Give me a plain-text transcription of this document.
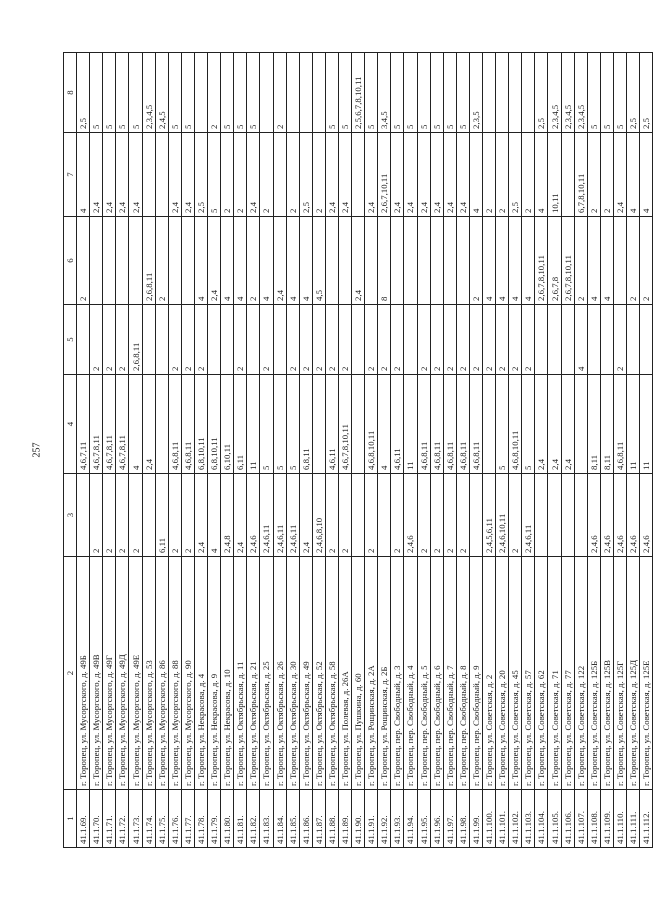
257
1	2	3	4	5	6	7	8
41.1.69.	г. Торопец, ул. Мусоргского, д. 49Б		4,6,7,11		2	4	2,5
41.1.70.	г. Торопец, ул. Мусоргского, д. 49В	2	4,6,7,8,11	2		2,4	5
41.1.71.	г. Торопец, ул. Мусоргского, д. 49Г	2	4,6,7,8,11	2		2,4	5
41.1.72.	г. Торопец, ул. Мусоргского, д. 49Д	2	4,6,7,8,11	2		2,4	5
41.1.73.	г. Торопец, ул. Мусоргского, д. 49Е	2	4	2,6,8,11		2,4	5
41.1.74.	г. Торопец, ул. Мусоргского, д. 53		2,4		2,6,8,11		2,3,4,5
41.1.75.	г. Торопец, ул. Мусоргского, д. 86	6,11			2		2,4,5
41.1.76.	г. Торопец, ул. Мусоргского, д. 88	2	4,6,8,11	2		2,4	5
41.1.77.	г. Торопец, ул. Мусоргского, д. 90	2	4,6,8,11	2		2,4	5
41.1.78.	г. Торопец, ул. Некрасова, д. 4	2,4	6,8,10,11	2	4	2,5	
41.1.79.	г. Торопец, ул. Некрасова, д. 9	4	6,8,10,11		2,4	5	2
41.1.80.	г. Торопец, ул. Некрасова, д. 10	2,4,8	6,10,11		4	2	5
41.1.81.	г. Торопец, ул. Октябрьская, д. 11	2,4	6,11	2	4	2	5
41.1.82.	г. Торопец, ул. Октябрьская, д. 21	2,4,6	11		2	2,4	5
41.1.83.	г. Торопец, ул. Октябрьская, д. 25	2,4,6,11	5	2	4	2	
41.1.84.	г. Торопец, ул. Октябрьская, д. 26	2,4,6,11	5		2,4		2
41.1.85.	г. Торопец, ул. Октябрьская, д. 30	2,4,6,11	5	2	4	2	
41.1.86.	г. Торопец, ул. Октябрьская, д. 49	2,4	6,8,11	2	4	2,5	
41.1.87.	г. Торопец, ул. Октябрьская, д. 52	2,4,6,8,10		2	4,5	2	
41.1.88.	г. Торопец, ул. Октябрьская, д. 58	2	4,6,11	2		2,4	5
41.1.89.	г. Торопец, ул. Полевая, д. 26А	2	4,6,7,8,10,11	2		2,4	5
41.1.90.	г. Торопец, ул. Пушкина, д. 60				2,4		2,5,6,7,8,10,11
41.1.91.	г. Торопец, ул. Рощинская, д. 2А	2	4,6,8,10,11	2		2,4	5
41.1.92.	г. Торопец, ул. Рощинская, д. 2Б		4	2	8	2,6,7,10,11	3,4,5
41.1.93.	г. Торопец, пер. Свободный, д. 3	2	4,6,11	2		2,4	5
41.1.94.	г. Торопец, пер. Свободный, д. 4	2,4,6	11			2,4	5
41.1.95.	г. Торопец, пер. Свободный, д. 5	2	4,6,8,11	2		2,4	5
41.1.96.	г. Торопец, пер. Свободный, д. 6	2	4,6,8,11	2		2,4	5
41.1.97.	г. Торопец, пер. Свободный, д. 7	2	4,6,8,11	2		2,4	5
41.1.98.	г. Торопец, пер. Свободный, д. 8	2	4,6,8,11	2		2,4	5
41.1.99.	г. Торопец, пер. Свободный, д. 9		4,6,8,11	2	2	4	2,3,5
41.1.100.	г. Торопец, ул. Советская, д. 2	2,4,5,6,11		2	4	2	
41.1.101.	г. Торопец, ул. Советская, д. 20	2,4,6,10,11	5	2	4	2	
41.1.102.	г. Торопец, ул. Советская, д. 45	2	4,6,8,10,11	2	4	2,5	
41.1.103.	г. Торопец, ул. Советская, д. 57	2,4,6,11	5	2	4	2	
41.1.104.	г. Торопец, ул. Советская, д. 62		2,4		2,6,7,8,10,11	4	2,5
41.1.105.	г. Торопец, ул. Советская, д. 71		2,4		2,6,7,8	10,11	2,3,4,5
41.1.106.	г. Торопец, ул. Советская, д. 77		2,4		2,6,7,8,10,11		2,3,4,5
41.1.107.	г. Торопец, ул. Советская, д. 122			4	2	6,7,8,10,11	2,3,4,5
41.1.108.	г. Торопец, ул. Советская, д. 125Б	2,4,6	8,11		4	2	5
41.1.109.	г. Торопец, ул. Советская, д. 125В	2,4,6	8,11		4	2	5
41.1.110.	г. Торопец, ул. Советская, д. 125Г	2,4,6	4,6,8,11	2		2,4	5
41.1.111.	г. Торопец, ул. Советская, д. 125Д	2,4,6	11		2	4	2,5
41.1.112.	г. Торопец, ул. Советская, д. 125Е	2,4,6	11		2	4	2,5
